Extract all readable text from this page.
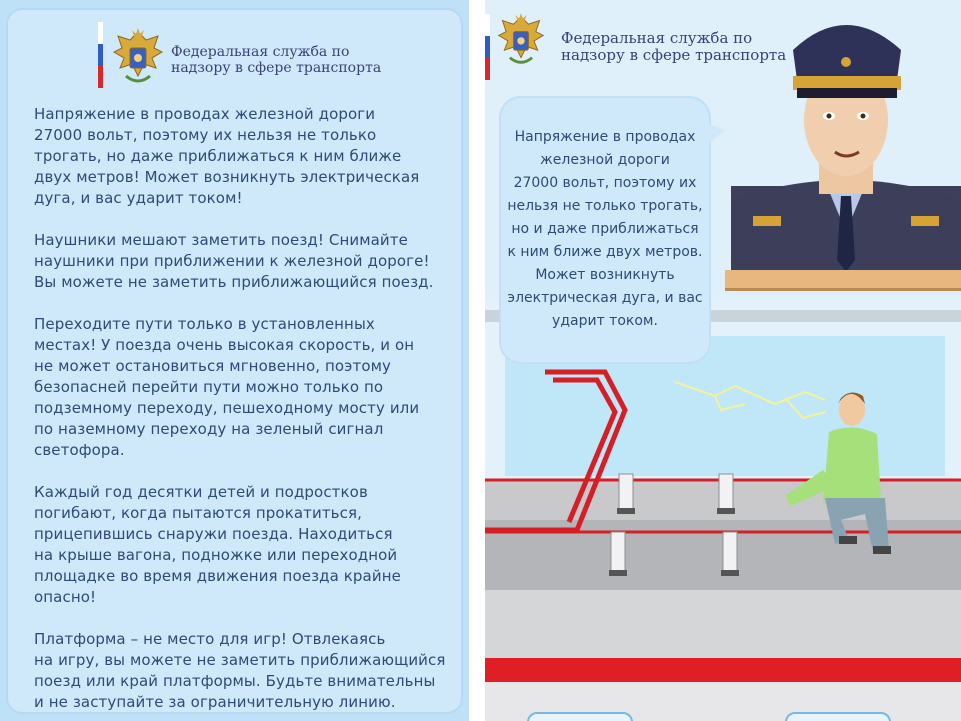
Федеральная служба по
надзору в сфере транспорта

Напряжение в проводах железной дороги
27000 вольт, поэтому их нельзя не только
трогать, но даже приближаться к ним ближе
двух метров! Может возникнуть электрическая
дуга, и вас ударит током!

Наушники мешают заметить поезд! Снимайте
наушники при приближении к железной дороге!
Вы можете не заметить приближающийся поезд.

Переходите пути только в установленных
местах! У поезда очень высокая скорость, и он
не может остановиться мгновенно, поэтому
безопасней перейти пути можно только по
подземному переходу, пешеходному мосту или
по наземному переходу на зеленый сигнал
светофора.

Каждый год десятки детей и подростков
погибают, когда пытаются прокатиться,
прицепившись снаружи поезда. Находиться
на крыше вагона, подножке или переходной
площадке во время движения поезда крайне
опасно!

Платформа – не место для игр! Отвлекаясь
на игру, вы можете не заметить приближающийся
поезд или край платформы. Будьте внимательны
и не заступайте за ограничительную линию.

Федеральная служба по
надзору в сфере транспорта
Напряжение в проводах
железной дороги
27000 вольт, поэтому их
нельзя не только трогать,
но и даже приближаться
к ним ближе двух метров.
Может возникнуть
электрическая дуга, и вас
ударит током.
